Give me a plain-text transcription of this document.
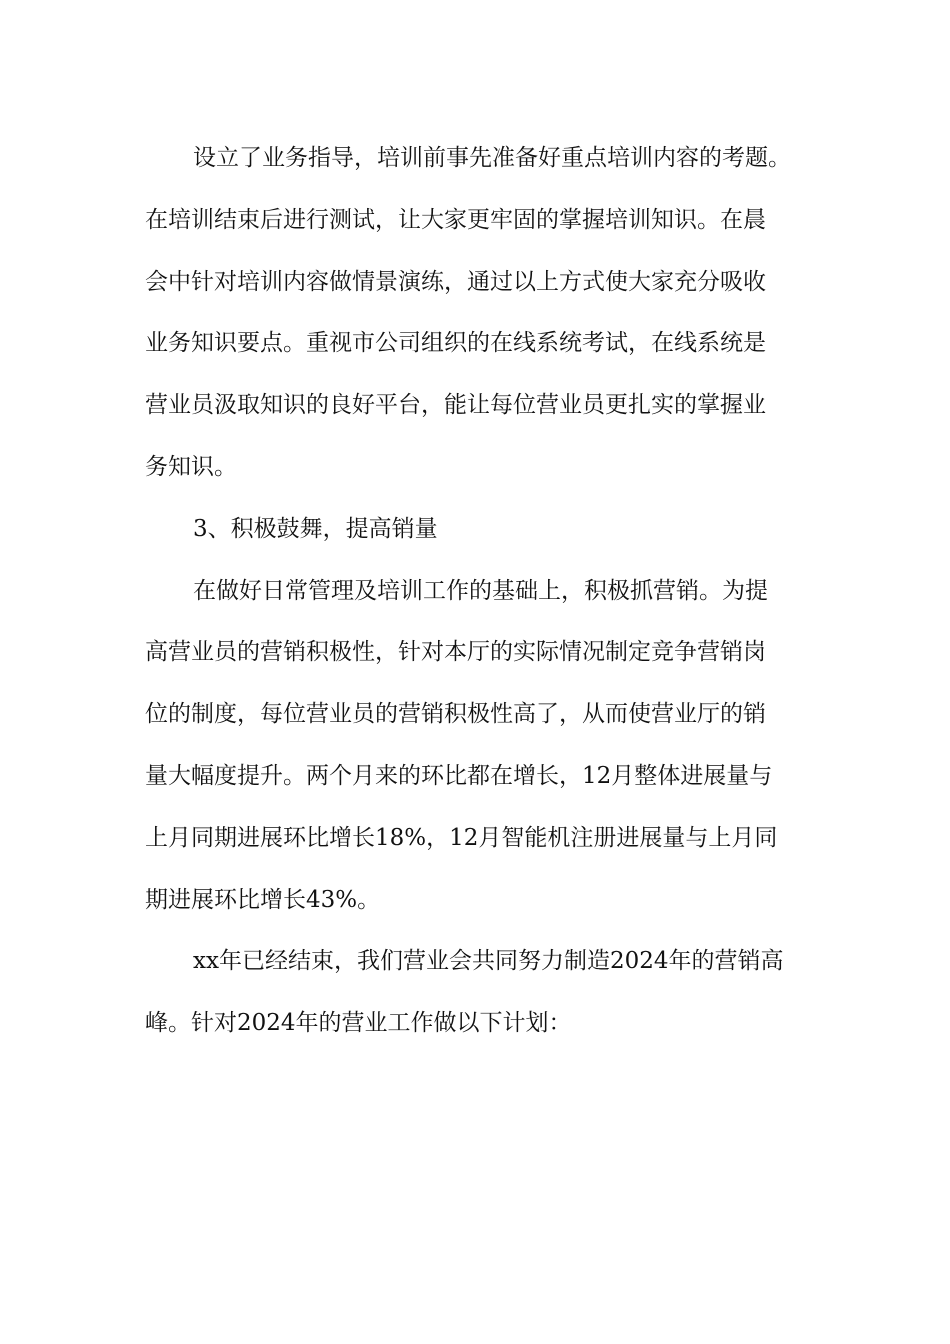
设立了业务指导，培训前事先准备好重点培训内容的考题。
在培训结束后进行测试，让大家更牢固的掌握培训知识。在晨
会中针对培训内容做情景演练，通过以上方式使大家充分吸收
业务知识要点。重视市公司组织的在线系统考试，在线系统是
营业员汲取知识的良好平台，能让每位营业员更扎实的掌握业
务知识。
3、积极鼓舞，提高销量
在做好日常管理及培训工作的基础上，积极抓营销。为提
高营业员的营销积极性，针对本厅的实际情况制定竞争营销岗
位的制度，每位营业员的营销积极性高了，从而使营业厅的销
量大幅度提升。两个月来的环比都在增长，12月整体进展量与
上月同期进展环比增长18%，12月智能机注册进展量与上月同
期进展环比增长43%。
xx年已经结束，我们营业会共同努力制造2024年的营销高
峰。针对2024年的营业工作做以下计划：
